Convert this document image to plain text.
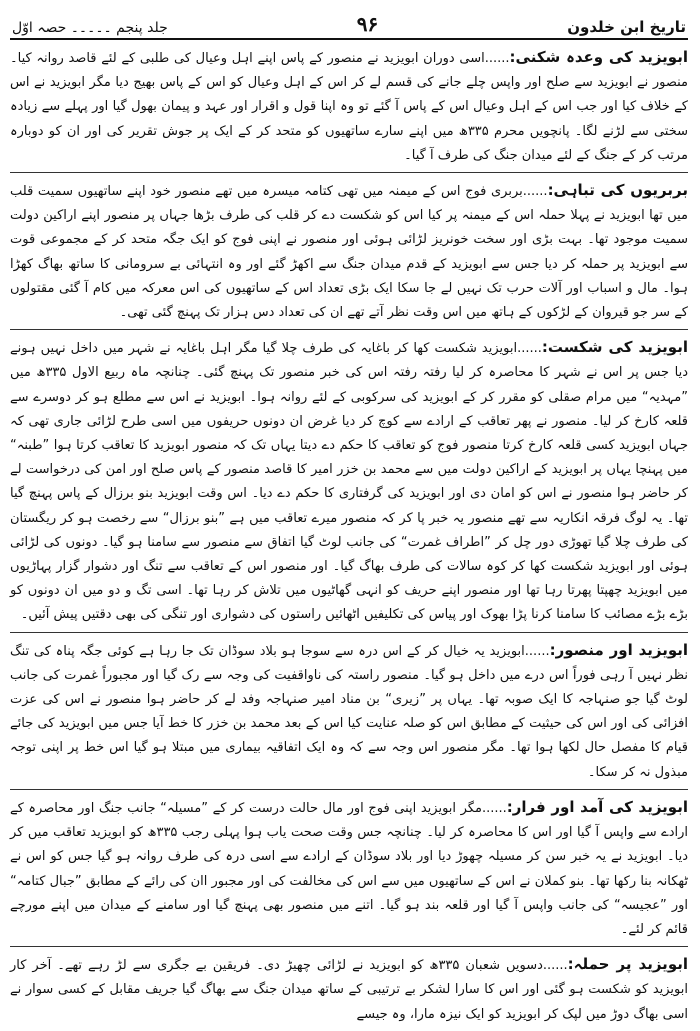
تاریخ ابن خلدون
۹۶
جلد پنجم ۔۔۔۔۔ حصہ اوّل

ابویزید کی وعدہ شکنی:......اسی دوران ابویزید نے منصور کے پاس اپنے اہل وعیال کی طلبی کے لئے قاصد روانہ کیا۔ منصور نے ابویزید سے صلح اور واپس چلے جانے کی قسم لے کر اس کے اہل وعیال کو اس کے پاس بھیج دیا مگر ابویزید نے اس کے خلاف کیا اور جب اس کے اہل وعیال اس کے پاس آ گئے تو وہ اپنا قول و اقرار اور عہد و پیمان بھول گیا اور پہلے سے زیادہ سختی سے لڑنے لگا۔ پانچویں محرم ۳۳۵ھ میں اپنے سارے ساتھیوں کو متحد کر کے ایک پر جوش تقریر کی اور ان کو دوبارہ مرتب کر کے جنگ کے لئے میدان جنگ کی طرف آ گیا۔

بربریوں کی تباہی:......بربری فوج اس کے میمنہ میں تھی کتامہ میسرہ میں تھے منصور خود اپنے ساتھیوں سمیت قلب میں تھا ابویزید نے پہلا حملہ اس کے میمنہ پر کیا اس کو شکست دے کر قلب کی طرف بڑھا جہاں پر منصور اپنے اراکین دولت سمیت موجود تھا۔ بہت بڑی اور سخت خونریز لڑائی ہوئی اور منصور نے اپنی فوج کو ایک جگہ متحد کر کے مجموعی قوت سے ابویزید پر حملہ کر دیا جس سے ابویزید کے قدم میدان جنگ سے اکھڑ گئے اور وہ انتہائی بے سرومانی کا ساتھ بھاگ کھڑا ہوا۔ مال و اسباب اور آلات حرب تک نہیں لے جا سکا ایک بڑی تعداد اس کے ساتھیوں کی اس معرکہ میں کام آ گئی مقتولوں کے سر جو قیروان کے لڑکوں کے ہاتھ میں اس وقت نظر آتے تھے ان کی تعداد دس ہزار تک پہنچ گئی تھی۔

ابویزید کی شکست:......ابویزید شکست کھا کر باغایہ کی طرف چلا گیا مگر اہل باغایہ نے شہر میں داخل نہیں ہونے دیا جس پر اس نے شہر کا محاصرہ کر لیا رفتہ رفتہ اس کی خبر منصور تک پہنچ گئی۔ چنانچہ ماہ ربیع الاول ۳۳۵ھ میں ”مہدیہ“ میں مرام صقلی کو مقرر کر کے ابویزید کی سرکوبی کے لئے روانہ ہوا۔ ابویزید نے اس سے مطلع ہو کر دوسرے سے قلعہ کارخ کر لیا۔ منصور نے پھر تعاقب کے ارادے سے کوچ کر دیا غرض ان دونوں حریفوں میں اسی طرح لڑائی جاری تھی کہ جہاں ابویزید کسی قلعہ کارخ کرتا منصور فوج کو تعاقب کا حکم دے دیتا یہاں تک کہ منصور ابویزید کا تعاقب کرتا ہوا ”طبنہ“ میں پہنچا یہاں پر ابویزید کے اراکین دولت میں سے محمد بن خزر امیر کا قاصد منصور کے پاس صلح اور امن کی درخواست لے کر حاضر ہوا منصور نے اس کو امان دی اور ابویزید کی گرفتاری کا حکم دے دیا۔ اس وقت ابویزید بنو برزال کے پاس پہنچ گیا تھا۔ یہ لوگ فرقہ انکاریہ سے تھے منصور یہ خبر پا کر کہ منصور میرے تعاقب میں ہے ”بنو برزال“ سے رخصت ہو کر ریگستان کی طرف چلا گیا تھوڑی دور چل کر ”اطراف غمرت“ کی جانب لوٹ گیا اتفاق سے منصور سے سامنا ہو گیا۔ دونوں کی لڑائی ہوئی اور ابویزید شکست کھا کر کوہ سالات کی طرف بھاگ گیا۔ اور منصور اس کے تعاقب سے تنگ اور دشوار گزار پہاڑیوں میں ابویزید چھپتا پھرتا رہا تھا اور منصور اپنے حریف کو انہی گھاٹیوں میں تلاش کر رہا تھا۔ اسی تگ و دو میں ان دونوں کو بڑے بڑے مصائب کا سامنا کرنا پڑا بھوک اور پیاس کی تکلیفیں اٹھائیں راستوں کی دشواری اور تنگی کی بھی دقتیں پیش آئیں۔

ابویزید اور منصور:......ابویزید یہ خیال کر کے اس درہ سے سوجا ہو بلاد سوڈان تک جا رہا ہے کوئی جگہ پناہ کی تنگ نظر نہیں آ رہی فوراً اس درے میں داخل ہو گیا۔ منصور راستہ کی ناواقفیت کی وجہ سے رک گیا اور مجبوراً غمرت کی جانب لوٹ گیا جو صنہاجہ کا ایک صوبہ تھا۔ یہاں پر ”زیری“ بن مناد امیر صنہاجہ وفد لے کر حاضر ہوا منصور نے اس کی عزت افزائی کی اور اس کی حیثیت کے مطابق اس کو صلہ عنایت کیا اس کے بعد محمد بن خزر کا خط آیا جس میں ابویزید کی جائے قیام کا مفصل حال لکھا ہوا تھا۔ مگر منصور اس وجہ سے کہ وہ ایک اتفاقیہ بیماری میں مبتلا ہو گیا اس خط پر اپنی توجہ مبذول نہ کر سکا۔

ابویزید کی آمد اور فرار:......مگر ابویزید اپنی فوج اور مال حالت درست کر کے ”مسیلہ“ جانب جنگ اور محاصرہ کے ارادے سے واپس آ گیا اور اس کا محاصرہ کر لیا۔ چنانچہ جس وقت صحت یاب ہوا پہلی رجب ۳۳۵ھ کو ابویزید تعاقب میں کر دیا۔ ابویزید نے یہ خبر سن کر مسیلہ چھوڑ دیا اور بلاد سوڈان کے ارادے سے اسی درہ کی طرف روانہ ہو گیا جس کو اس نے ٹھکانہ بنا رکھا تھا۔ بنو کملان نے اس کے ساتھیوں میں سے اس کی مخالفت کی اور مجبور اان کی رائے کے مطابق ”جبال کتامہ“ اور ”عجیسہ“ کی جانب واپس آ گیا اور قلعہ بند ہو گیا۔ اتنے میں منصور بھی پہنچ گیا اور سامنے کے میدان میں اپنے مورچے قائم کر لئے۔

ابویزید پر حملہ:......دسویں شعبان ۳۳۵ھ کو ابویزید نے لڑائی چھیڑ دی۔ فریقین بے جگری سے لڑ رہے تھے۔ آخر کار ابویزید کو شکست ہو گئی اور اس کا سارا لشکر بے ترتیبی کے ساتھ میدان جنگ سے بھاگ گیا جریف مقابل کے کسی سوار نے اسی بھاگ دوڑ میں لپک کر ابویزید کو ایک نیزہ مارا، وہ جیسے
